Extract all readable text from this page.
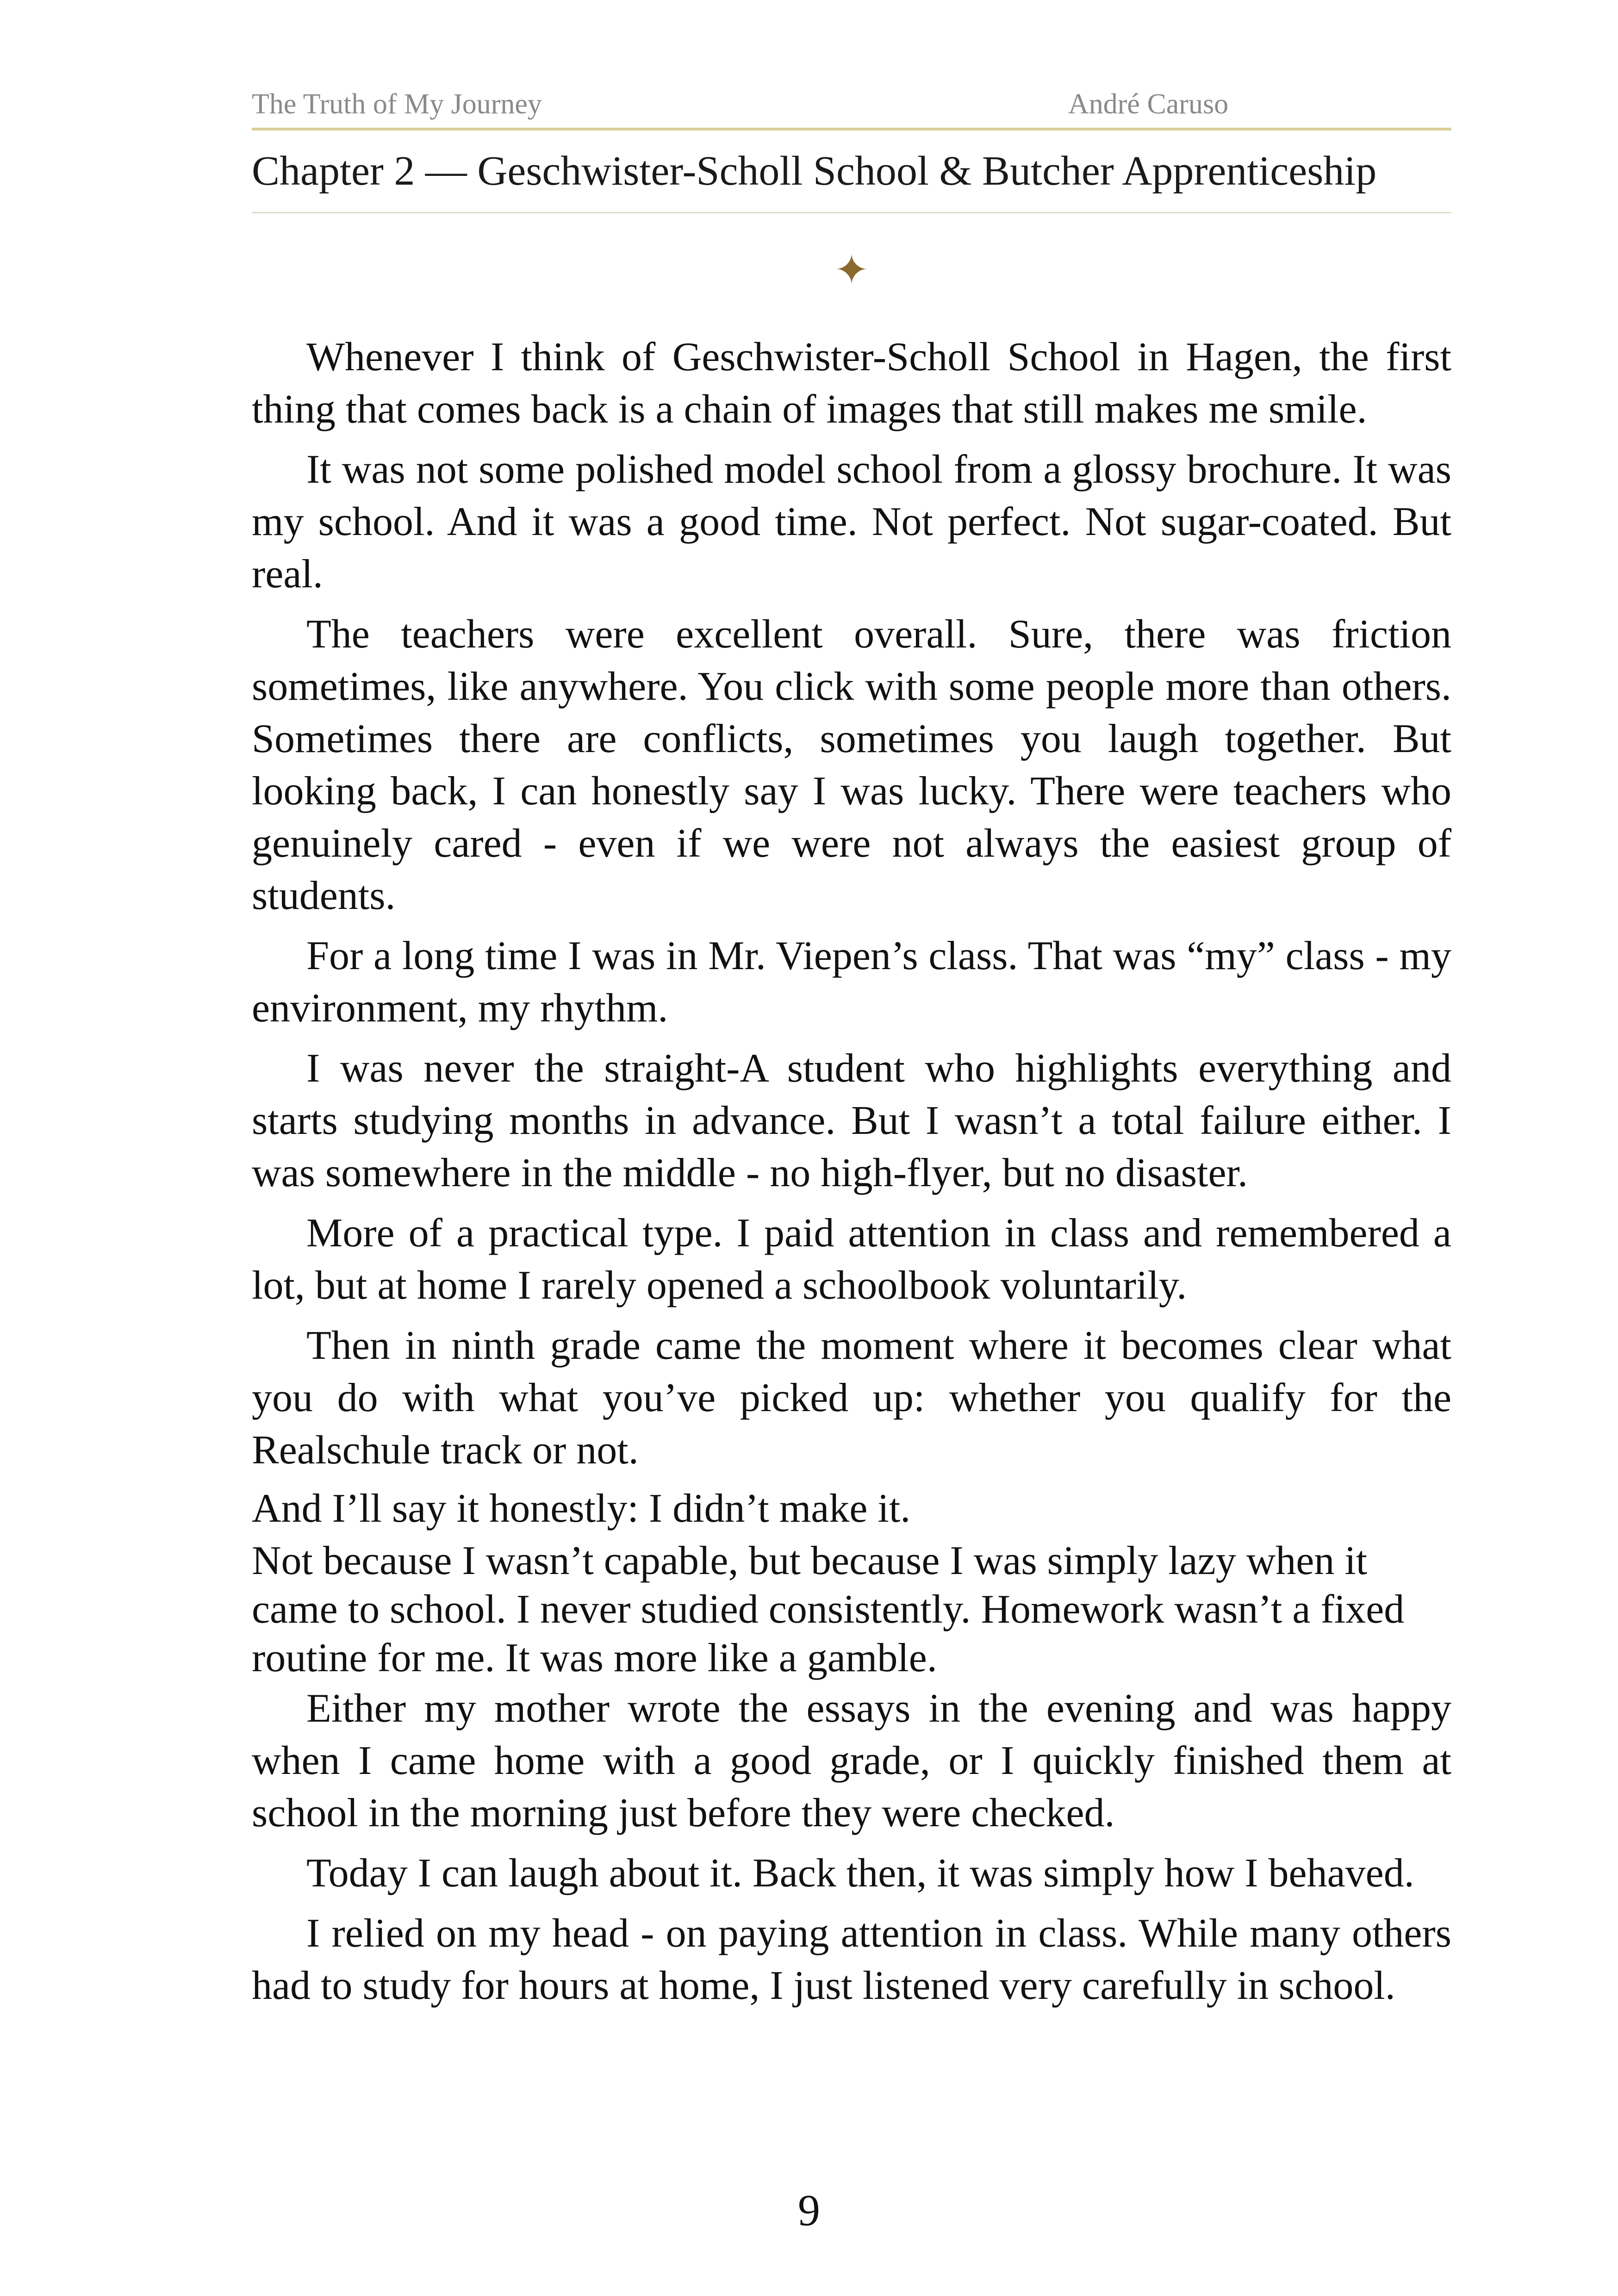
The Truth of My Journey	André Caruso
Chapter 2 — Geschwister-Scholl School & Butcher Apprenticeship
✦

Whenever I think of Geschwister-Scholl School in Hagen, the first thing that comes back is a chain of images that still makes me smile.

It was not some polished model school from a glossy brochure. It was my school. And it was a good time. Not perfect. Not sugar-coated. But real.

The teachers were excellent overall. Sure, there was friction sometimes, like anywhere. You click with some people more than others. Sometimes there are conflicts, sometimes you laugh together. But looking back, I can honestly say I was lucky. There were teachers who genuinely cared - even if we were not always the easiest group of students.

For a long time I was in Mr. Viepen’s class. That was “my” class - my environment, my rhythm.

I was never the straight-A student who highlights everything and starts studying months in advance. But I wasn’t a total failure either. I was somewhere in the middle - no high-flyer, but no disaster.

More of a practical type. I paid attention in class and remembered a lot, but at home I rarely opened a schoolbook voluntarily.

Then in ninth grade came the moment where it becomes clear what you do with what you’ve picked up: whether you qualify for the Realschule track or not.

And I’ll say it honestly: I didn’t make it.
Not because I wasn’t capable, but because I was simply lazy when it came to school. I never studied consistently. Homework wasn’t a fixed routine for me. It was more like a gamble.

Either my mother wrote the essays in the evening and was happy when I came home with a good grade, or I quickly finished them at school in the morning just before they were checked.

Today I can laugh about it. Back then, it was simply how I behaved.

I relied on my head - on paying attention in class. While many others had to study for hours at home, I just listened very carefully in school.

9
